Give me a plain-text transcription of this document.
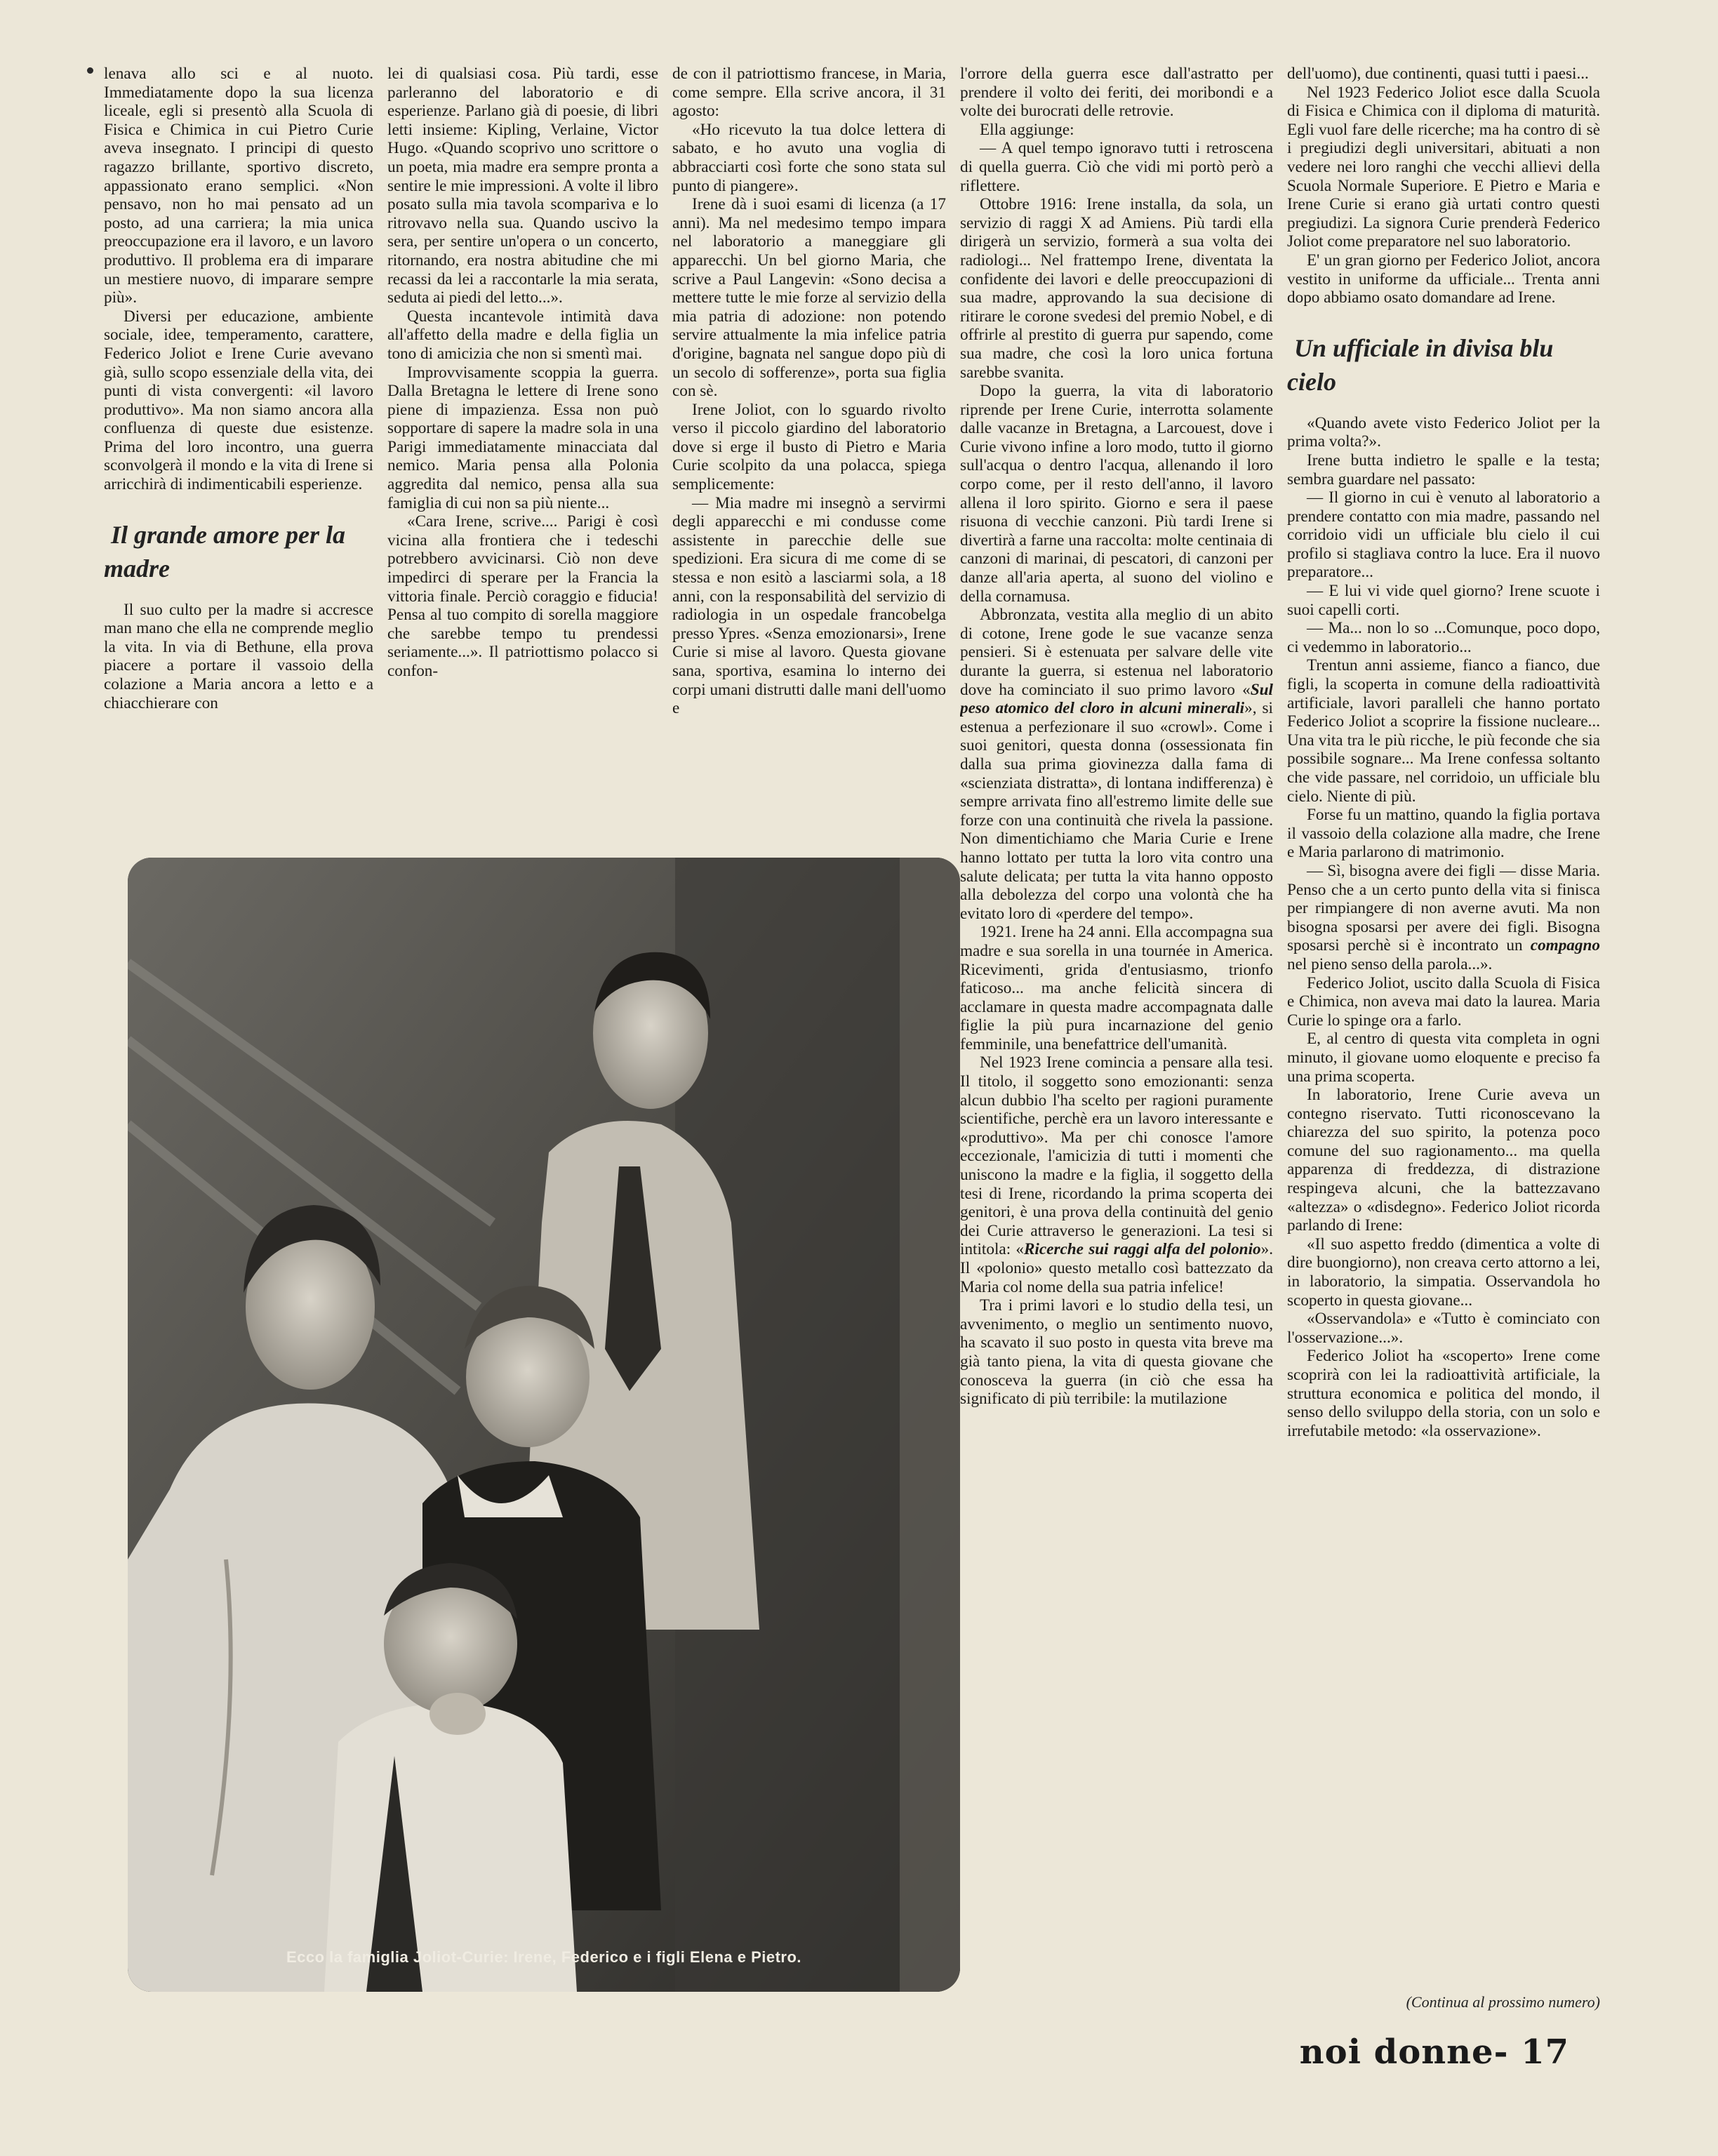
lenava allo sci e al nuoto. Immediatamente dopo la sua licenza liceale, egli si presentò alla Scuola di Fisica e Chimica in cui Pietro Curie aveva insegnato. I principi di questo ragazzo brillante, sportivo discreto, appassionato erano semplici. «Non pensavo, non ho mai pensato ad un posto, ad una carriera; la mia unica preoccupazione era il lavoro, e un lavoro produttivo. Il problema era di imparare un mestiere nuovo, di imparare sempre più».

Diversi per educazione, ambiente sociale, idee, temperamento, carattere, Federico Joliot e Irene Curie avevano già, sullo scopo essenziale della vita, dei punti di vista convergenti: «il lavoro produttivo». Ma non siamo ancora alla confluenza di queste due esistenze. Prima del loro incontro, una guerra sconvolgerà il mondo e la vita di Irene si arricchirà di indimenticabili esperienze.

Il grande amore per la madre

Il suo culto per la madre si accresce man mano che ella ne comprende meglio la vita. In via di Bethune, ella prova piacere a portare il vassoio della colazione a Maria ancora a letto e a chiacchierare con

lei di qualsiasi cosa. Più tardi, esse parleranno del laboratorio e di esperienze. Parlano già di poesie, di libri letti insieme: Kipling, Verlaine, Victor Hugo. «Quando scoprivo uno scrittore o un poeta, mia madre era sempre pronta a sentire le mie impressioni. A volte il libro posato sulla mia tavola scompariva e lo ritrovavo nella sua. Quando uscivo la sera, per sentire un'opera o un concerto, ritornando, era nostra abitudine che mi recassi da lei a raccontarle la mia serata, seduta ai piedi del letto...».

Questa incantevole intimità dava all'affetto della madre e della figlia un tono di amicizia che non si smentì mai.

Improvvisamente scoppia la guerra. Dalla Bretagna le lettere di Irene sono piene di impazienza. Essa non può sopportare di sapere la madre sola in una Parigi immediatamente minacciata dal nemico. Maria pensa alla Polonia aggredita dal nemico, pensa alla sua famiglia di cui non sa più niente...

«Cara Irene, scrive.... Parigi è così vicina alla frontiera che i tedeschi potrebbero avvicinarsi. Ciò non deve impedirci di sperare per la Francia la vittoria finale. Perciò coraggio e fiducia! Pensa al tuo compito di sorella maggiore che sarebbe tempo tu prendessi seriamente...». Il patriottismo polacco si confon-

de con il patriottismo francese, in Maria, come sempre. Ella scrive ancora, il 31 agosto:

«Ho ricevuto la tua dolce lettera di sabato, e ho avuto una voglia di abbracciarti così forte che sono stata sul punto di piangere».

Irene dà i suoi esami di licenza (a 17 anni). Ma nel medesimo tempo impara nel laboratorio a maneggiare gli apparecchi. Un bel giorno Maria, che scrive a Paul Langevin: «Sono decisa a mettere tutte le mie forze al servizio della mia patria di adozione: non potendo servire attualmente la mia infelice patria d'origine, bagnata nel sangue dopo più di un secolo di sofferenze», porta sua figlia con sè.

Irene Joliot, con lo sguardo rivolto verso il piccolo giardino del laboratorio dove si erge il busto di Pietro e Maria Curie scolpito da una polacca, spiega semplicemente:

— Mia madre mi insegnò a servirmi degli apparecchi e mi condusse come assistente in parecchie delle sue spedizioni. Era sicura di me come di se stessa e non esitò a lasciarmi sola, a 18 anni, con la responsabilità del servizio di radiologia in un ospedale francobelga presso Ypres. «Senza emozionarsi», Irene Curie si mise al lavoro. Questa giovane sana, sportiva, esamina lo interno dei corpi umani distrutti dalle mani dell'uomo e

l'orrore della guerra esce dall'astratto per prendere il volto dei feriti, dei moribondi e a volte dei burocrati delle retrovie.

Ella aggiunge:

— A quel tempo ignoravo tutti i retroscena di quella guerra. Ciò che vidi mi portò però a riflettere.

Ottobre 1916: Irene installa, da sola, un servizio di raggi X ad Amiens. Più tardi ella dirigerà un servizio, formerà a sua volta dei radiologi... Nel frattempo Irene, diventata la confidente dei lavori e delle preoccupazioni di sua madre, approvando la sua decisione di ritirare le corone svedesi del premio Nobel, e di offrirle al prestito di guerra pur sapendo, come sua madre, che così la loro unica fortuna sarebbe svanita.

Dopo la guerra, la vita di laboratorio riprende per Irene Curie, interrotta solamente dalle vacanze in Bretagna, a Larcouest, dove i Curie vivono infine a loro modo, tutto il giorno sull'acqua o dentro l'acqua, allenando il loro corpo come, per il resto dell'anno, il lavoro allena il loro spirito. Giorno e sera il paese risuona di vecchie canzoni. Più tardi Irene si divertirà a farne una raccolta: molte centinaia di canzoni di marinai, di pescatori, di canzoni per danze all'aria aperta, al suono del violino e della cornamusa.

Abbronzata, vestita alla meglio di un abito di cotone, Irene gode le sue vacanze senza pensieri. Si è estenuata per salvare delle vite durante la guerra, si estenua nel laboratorio dove ha cominciato il suo primo lavoro «Sul peso atomico del cloro in alcuni minerali», si estenua a perfezionare il suo «crowl». Come i suoi genitori, questa donna (ossessionata fin dalla sua prima giovinezza dalla fama di «scienziata distratta», di lontana indifferenza) è sempre arrivata fino all'estremo limite delle sue forze con una continuità che rivela la passione. Non dimentichiamo che Maria Curie e Irene hanno lottato per tutta la loro vita contro una salute delicata; per tutta la vita hanno opposto alla debolezza del corpo una volontà che ha evitato loro di «perdere del tempo».

1921. Irene ha 24 anni. Ella accompagna sua madre e sua sorella in una tournée in America. Ricevimenti, grida d'entusiasmo, trionfo faticoso... ma anche felicità sincera di acclamare in questa madre accompagnata dalle figlie la più pura incarnazione del genio femminile, una benefattrice dell'umanità.

Nel 1923 Irene comincia a pensare alla tesi. Il titolo, il soggetto sono emozionanti: senza alcun dubbio l'ha scelto per ragioni puramente scientifiche, perchè era un lavoro interessante e «produttivo». Ma per chi conosce l'amore eccezionale, l'amicizia di tutti i momenti che uniscono la madre e la figlia, il soggetto della tesi di Irene, ricordando la prima scoperta dei genitori, è una prova della continuità del genio dei Curie attraverso le generazioni. La tesi si intitola: «Ricerche sui raggi alfa del polonio». Il «polonio» questo metallo così battezzato da Maria col nome della sua patria infelice!

Tra i primi lavori e lo studio della tesi, un avvenimento, o meglio un sentimento nuovo, ha scavato il suo posto in questa vita breve ma già tanto piena, la vita di questa giovane che conosceva la guerra (in ciò che essa ha significato di più terribile: la mutilazione

dell'uomo), due continenti, quasi tutti i paesi...

Nel 1923 Federico Joliot esce dalla Scuola di Fisica e Chimica con il diploma di maturità. Egli vuol fare delle ricerche; ma ha contro di sè i pregiudizi degli universitari, abituati a non vedere nei loro ranghi che vecchi allievi della Scuola Normale Superiore. E Pietro e Maria e Irene Curie si erano già urtati contro questi pregiudizi. La signora Curie prenderà Federico Joliot come preparatore nel suo laboratorio.

E' un gran giorno per Federico Joliot, ancora vestito in uniforme da ufficiale... Trenta anni dopo abbiamo osato domandare ad Irene.

Un ufficiale in divisa blu cielo

«Quando avete visto Federico Joliot per la prima volta?».

Irene butta indietro le spalle e la testa; sembra guardare nel passato:

— Il giorno in cui è venuto al laboratorio a prendere contatto con mia madre, passando nel corridoio vidi un ufficiale blu cielo il cui profilo si stagliava contro la luce. Era il nuovo preparatore...

— E lui vi vide quel giorno? Irene scuote i suoi capelli corti.

— Ma... non lo so ...Comunque, poco dopo, ci vedemmo in laboratorio...

Trentun anni assieme, fianco a fianco, due figli, la scoperta in comune della radioattività artificiale, lavori paralleli che hanno portato Federico Joliot a scoprire la fissione nucleare... Una vita tra le più ricche, le più feconde che sia possibile sognare... Ma Irene confessa soltanto che vide passare, nel corridoio, un ufficiale blu cielo. Niente di più.

Forse fu un mattino, quando la figlia portava il vassoio della colazione alla madre, che Irene e Maria parlarono di matrimonio.

— Sì, bisogna avere dei figli — disse Maria. Penso che a un certo punto della vita si finisca per rimpiangere di non averne avuti. Ma non bisogna sposarsi per avere dei figli. Bisogna sposarsi perchè si è incontrato un compagno nel pieno senso della parola...».

Federico Joliot, uscito dalla Scuola di Fisica e Chimica, non aveva mai dato la laurea. Maria Curie lo spinge ora a farlo.

E, al centro di questa vita completa in ogni minuto, il giovane uomo eloquente e preciso fa una prima scoperta.

In laboratorio, Irene Curie aveva un contegno riservato. Tutti riconoscevano la chiarezza del suo spirito, la potenza poco comune del suo ragionamento... ma quella apparenza di freddezza, di distrazione respingeva alcuni, che la battezzavano «altezza» o «disdegno». Federico Joliot ricorda parlando di Irene:

«Il suo aspetto freddo (dimentica a volte di dire buongiorno), non creava certo attorno a lei, in laboratorio, la simpatia. Osservandola ho scoperto in questa giovane...

«Osservandola» e «Tutto è cominciato con l'osservazione...».

Federico Joliot ha «scoperto» Irene come scoprirà con lei la radioattività artificiale, la struttura economica e politica del mondo, il senso dello sviluppo della storia, con un solo e irrefutabile metodo: «la osservazione».

Ecco la famiglia Joliot-Curie: Irene, Federico e i figli Elena e Pietro.
(Continua al prossimo numero)
noi donne- 17
